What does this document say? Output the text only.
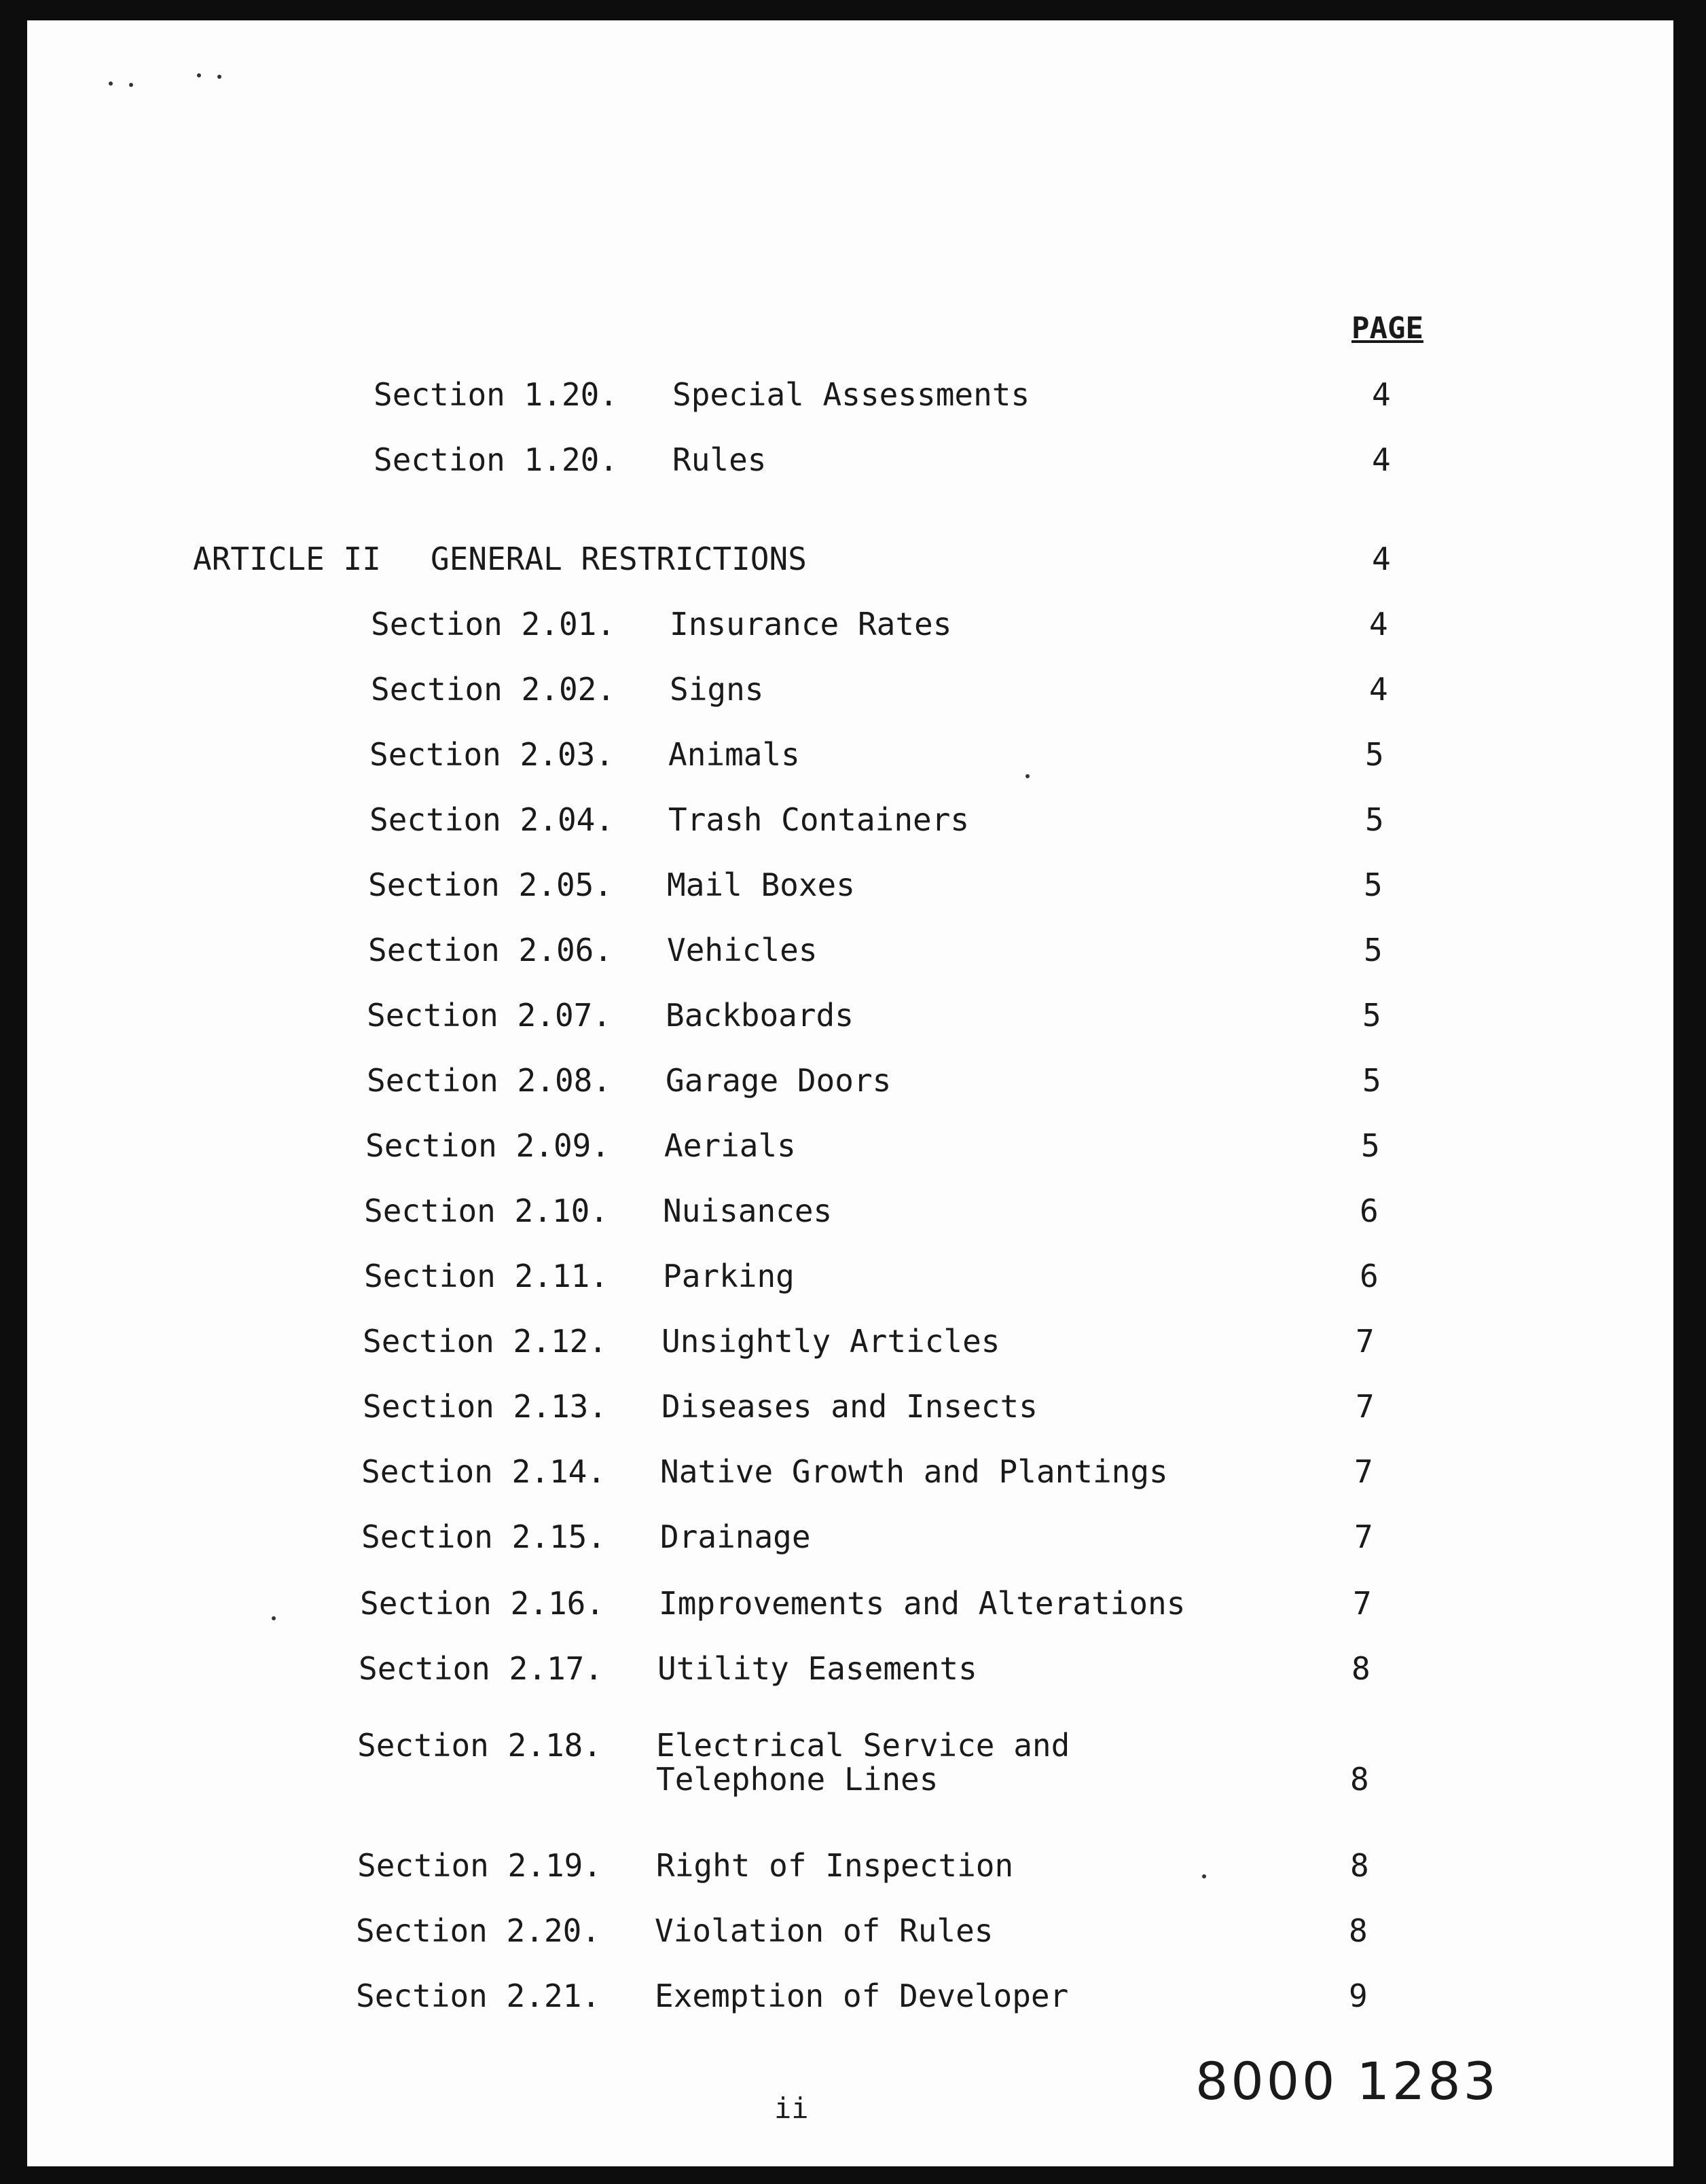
PAGE
Section 1.20. Special Assessments	4
Section 1.20. Rules	4
ARTICLE II GENERAL RESTRICTIONS	4
Section 2.01. Insurance Rates	4
Section 2.02. Signs	4
Section 2.03. Animals	5
Section 2.04. Trash Containers	5
Section 2.05. Mail Boxes	5
Section 2.06. Vehicles	5
Section 2.07. Backboards	5
Section 2.08. Garage Doors	5
Section 2.09. Aerials	5
Section 2.10. Nuisances	6
Section 2.11. Parking	6
Section 2.12. Unsightly Articles	7
Section 2.13. Diseases and Insects	7
Section 2.14. Native Growth and Plantings	7
Section 2.15. Drainage	7
Section 2.16. Improvements and Alterations	7
Section 2.17. Utility Easements	8
Section 2.18. Electrical Service and
Telephone Lines	8
Section 2.19. Right of Inspection	8
Section 2.20. Violation of Rules	8
Section 2.21. Exemption of Developer	9
8000 1283
ii
